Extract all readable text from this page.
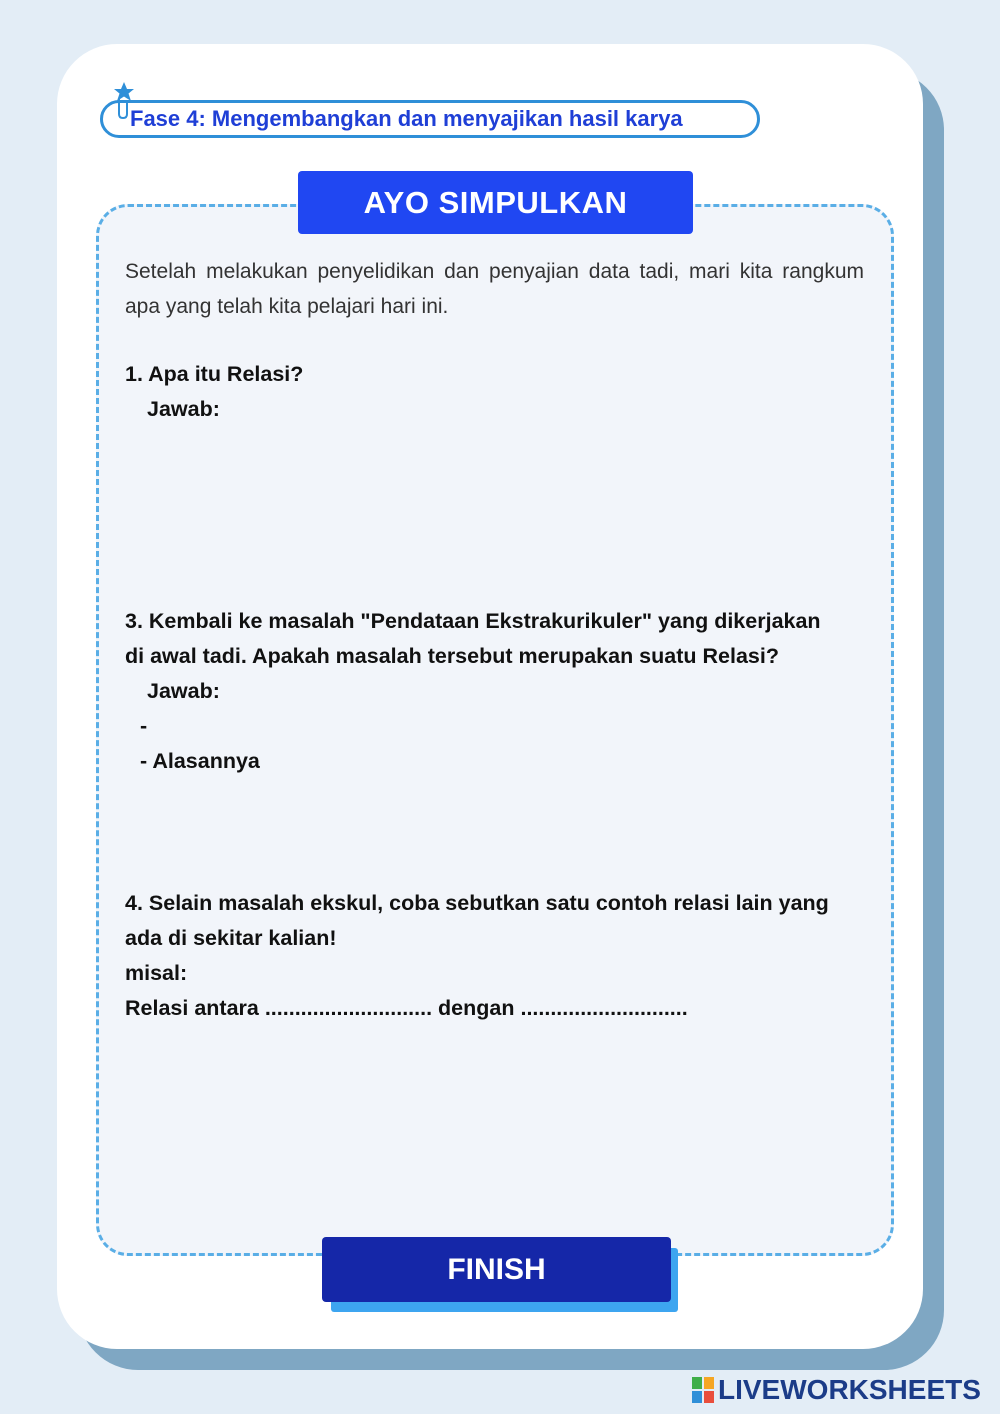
Fase 4: Mengembangkan dan menyajikan hasil karya
AYO SIMPULKAN
Setelah melakukan penyelidikan dan penyajian data tadi, mari kita rangkum apa yang telah kita pelajari hari ini.
1. Apa itu Relasi?
Jawab:
3. Kembali ke masalah "Pendataan Ekstrakurikuler" yang dikerjakan
di awal tadi. Apakah masalah tersebut merupakan suatu Relasi?
Jawab:
-
- Alasannya
4. Selain masalah ekskul, coba sebutkan satu contoh relasi lain yang
ada di sekitar kalian!
misal:
Relasi antara ............................ dengan ............................
FINISH
LIVEWORKSHEETS
